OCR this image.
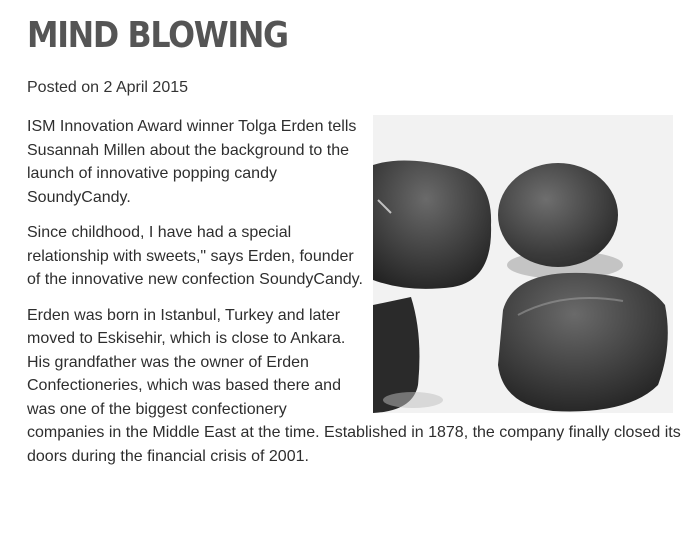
MIND BLOWING
Posted on 2 April 2015

ISM Innovation Award winner Tolga Erden tells Susannah Millen about the background to the launch of innovative popping candy SoundyCandy.

Since childhood, I have had a special relationship with sweets," says Erden, founder of the innovative new confection SoundyCandy.

Erden was born in Istanbul, Turkey and later moved to Eskisehir, which is close to Ankara. His grandfather was the owner of Erden Confectioneries, which was based there and was one of the biggest confectionery companies in the Middle East at the time. Established in 1878, the company finally closed its doors during the financial crisis of 2001.
